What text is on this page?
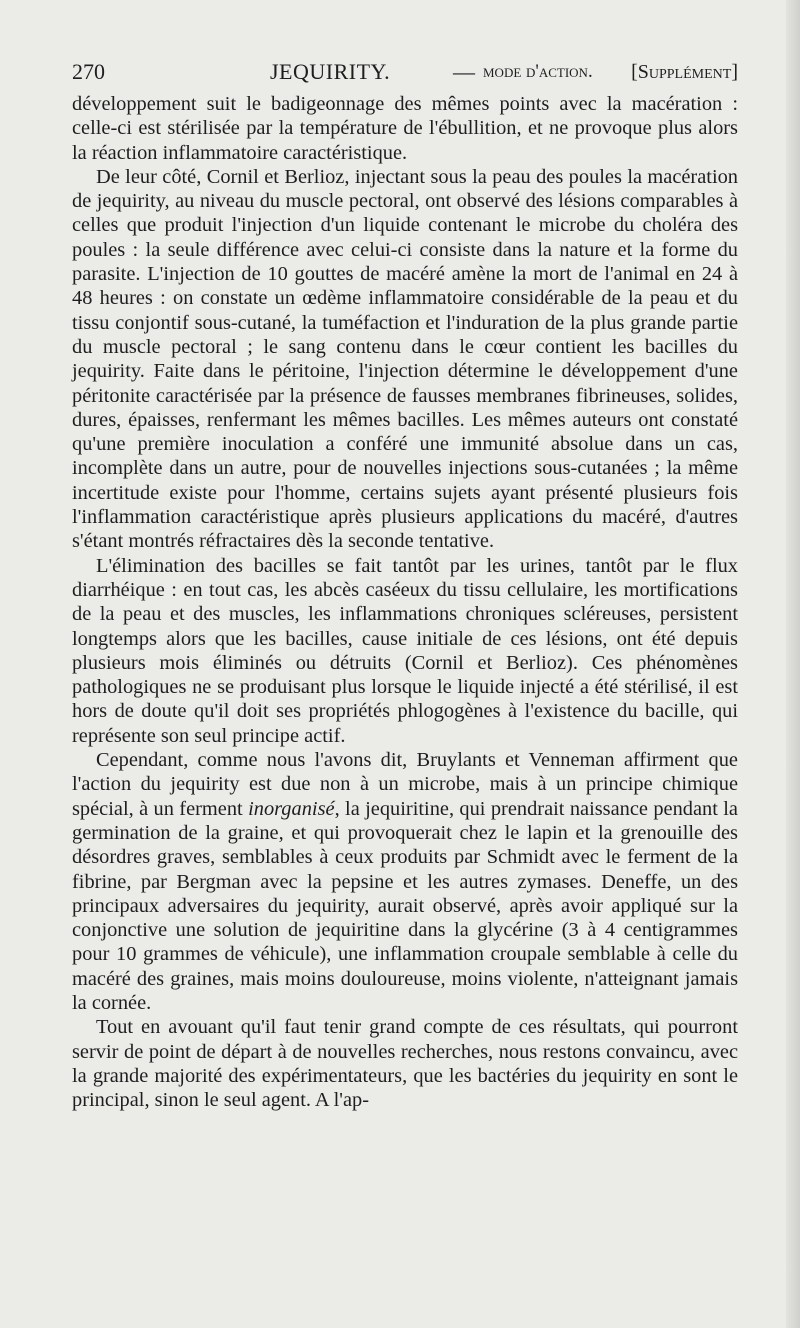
270	JEQUIRITY.	— mode d'action. [Supplément]

développement suit le badigeonnage des mêmes points avec la macération : celle-ci est stérilisée par la température de l'ébullition, et ne provoque plus alors la réaction inflammatoire caractéristique.

De leur côté, Cornil et Berlioz, injectant sous la peau des poules la macération de jequirity, au niveau du muscle pectoral, ont observé des lésions comparables à celles que produit l'injection d'un liquide contenant le microbe du choléra des poules : la seule différence avec celui-ci consiste dans la nature et la forme du parasite. L'injection de 10 gouttes de macéré amène la mort de l'animal en 24 à 48 heures : on constate un œdème inflammatoire considérable de la peau et du tissu conjontif sous-cutané, la tuméfaction et l'induration de la plus grande partie du muscle pectoral ; le sang contenu dans le cœur contient les bacilles du jequirity. Faite dans le péritoine, l'injection détermine le développement d'une péritonite caractérisée par la présence de fausses membranes fibrineuses, solides, dures, épaisses, renfermant les mêmes bacilles. Les mêmes auteurs ont constaté qu'une première inoculation a conféré une immunité absolue dans un cas, incomplète dans un autre, pour de nouvelles injections sous-cutanées ; la même incertitude existe pour l'homme, certains sujets ayant présenté plusieurs fois l'inflammation caractéristique après plusieurs applications du macéré, d'autres s'étant montrés réfractaires dès la seconde tentative.

L'élimination des bacilles se fait tantôt par les urines, tantôt par le flux diarrhéique : en tout cas, les abcès caséeux du tissu cellulaire, les mortifications de la peau et des muscles, les inflammations chroniques scléreuses, persistent longtemps alors que les bacilles, cause initiale de ces lésions, ont été depuis plusieurs mois éliminés ou détruits (Cornil et Berlioz). Ces phénomènes pathologiques ne se produisant plus lorsque le liquide injecté a été stérilisé, il est hors de doute qu'il doit ses propriétés phlogogènes à l'existence du bacille, qui représente son seul principe actif.

Cependant, comme nous l'avons dit, Bruylants et Venneman affirment que l'action du jequirity est due non à un microbe, mais à un principe chimique spécial, à un ferment inorganisé, la jequiritine, qui prendrait naissance pendant la germination de la graine, et qui provoquerait chez le lapin et la grenouille des désordres graves, semblables à ceux produits par Schmidt avec le ferment de la fibrine, par Bergman avec la pepsine et les autres zymases. Deneffe, un des principaux adversaires du jequirity, aurait observé, après avoir appliqué sur la conjonctive une solution de jequiritine dans la glycérine (3 à 4 centigrammes pour 10 grammes de véhicule), une inflammation croupale semblable à celle du macéré des graines, mais moins douloureuse, moins violente, n'atteignant jamais la cornée.

Tout en avouant qu'il faut tenir grand compte de ces résultats, qui pourront servir de point de départ à de nouvelles recherches, nous restons convaincu, avec la grande majorité des expérimentateurs, que les bactéries du jequirity en sont le principal, sinon le seul agent. A l'ap-
